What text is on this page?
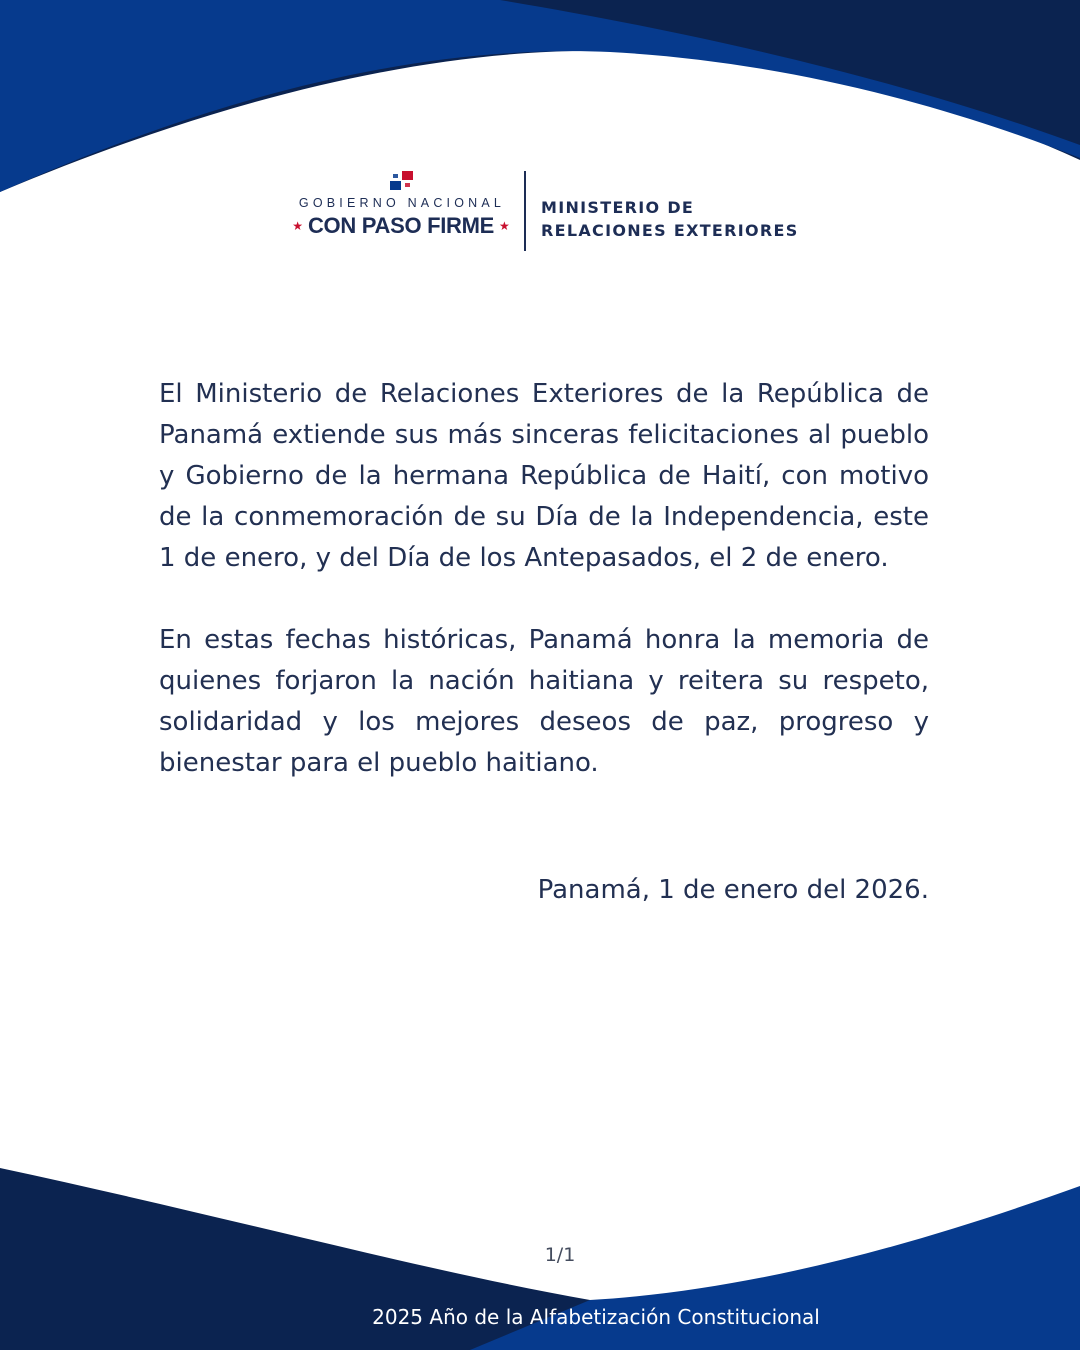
GOBIERNO NACIONAL
★ CON PASO FIRME ★
MINISTERIO DE
RELACIONES EXTERIORES

El Ministerio de Relaciones Exteriores de la República de Panamá extiende sus más sinceras felicitaciones al pueblo y Gobierno de la hermana República de Haití, con motivo de la conmemoración de su Día de la Independencia, este 1 de enero, y del Día de los Antepasados, el 2 de enero.

En estas fechas históricas, Panamá honra la memoria de quienes forjaron la nación haitiana y reitera su respeto, solidaridad y los mejores deseos de paz, progreso y bienestar para el pueblo haitiano.

Panamá, 1 de enero del 2026.
1/1
2025 Año de la Alfabetización Constitucional
